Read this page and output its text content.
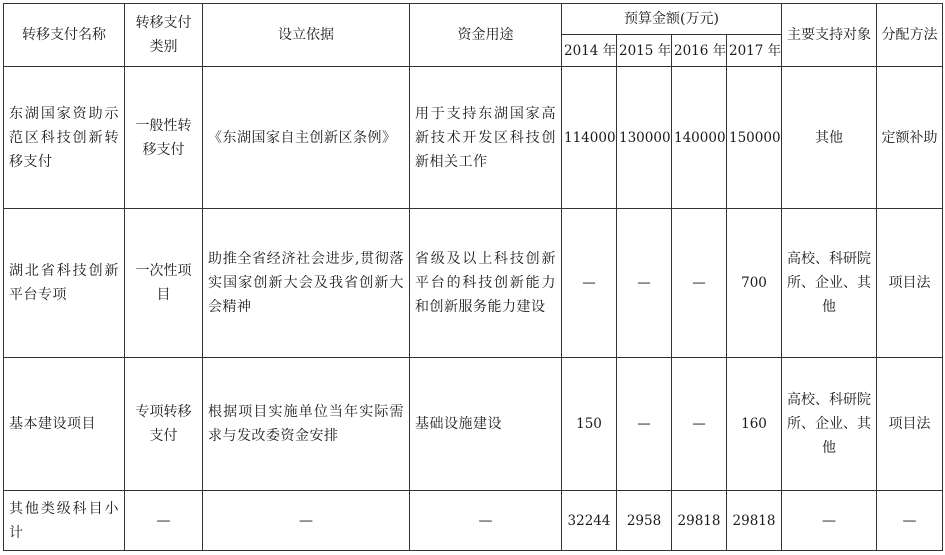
转移支付名称	转移支付类别	设立依据	资金用途	预算金额(万元)				主要支持对象	分配方法
				2014 年	2015 年	2016 年	2017 年		
东湖国家资助示范区科技创新转移支付	一般性转移支付	《东湖国家自主创新区条例》	用于支持东湖国家高新技术开发区科技创新相关工作	114000	130000	140000	150000	其他	定额补助
湖北省科技创新平台专项	一次性项目	助推全省经济社会进步,贯彻落实国家创新大会及我省创新大会精神	省级及以上科技创新平台的科技创新能力和创新服务能力建设	—	—	—	700	高校、科研院所、企业、其他	项目法
基本建设项目	专项转移支付	根据项目实施单位当年实际需求与发改委资金安排	基础设施建设	150	—	—	160	高校、科研院所、企业、其他	项目法
其他类级科目小计	—	—	—	32244	2958	29818	29818	—	—
